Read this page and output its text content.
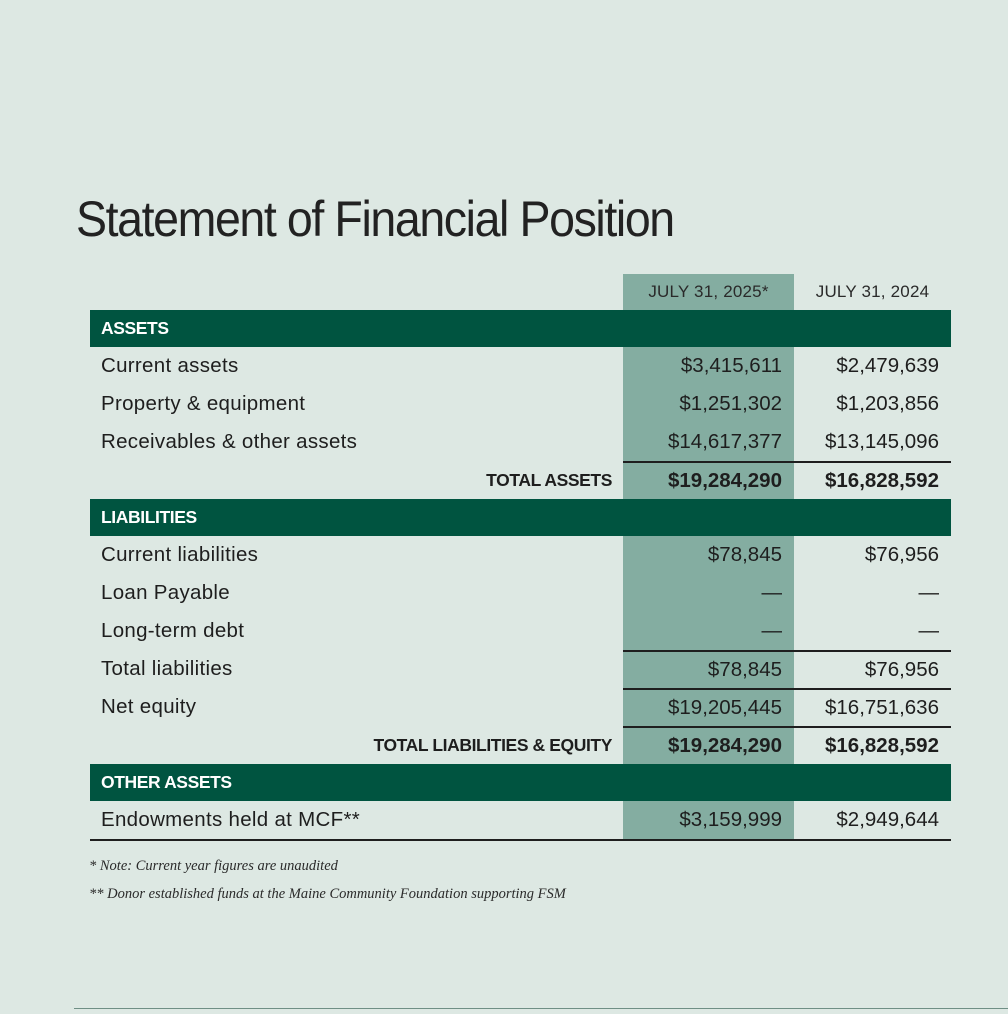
Statement of Financial Position
JULY 31, 2025*	JULY 31, 2024
ASSETS
Current assets	$3,415,611	$2,479,639
Property & equipment	$1,251,302	$1,203,856
Receivables & other assets	$14,617,377	$13,145,096
TOTAL ASSETS	$19,284,290	$16,828,592
LIABILITIES
Current liabilities	$78,845	$76,956
Loan Payable	—	—
Long-term debt	—	—
Total liabilities	$78,845	$76,956
Net equity	$19,205,445	$16,751,636
TOTAL LIABILITIES & EQUITY	$19,284,290	$16,828,592
OTHER ASSETS
Endowments held at MCF**	$3,159,999	$2,949,644
* Note: Current year figures are unaudited
** Donor established funds at the Maine Community Foundation supporting FSM
